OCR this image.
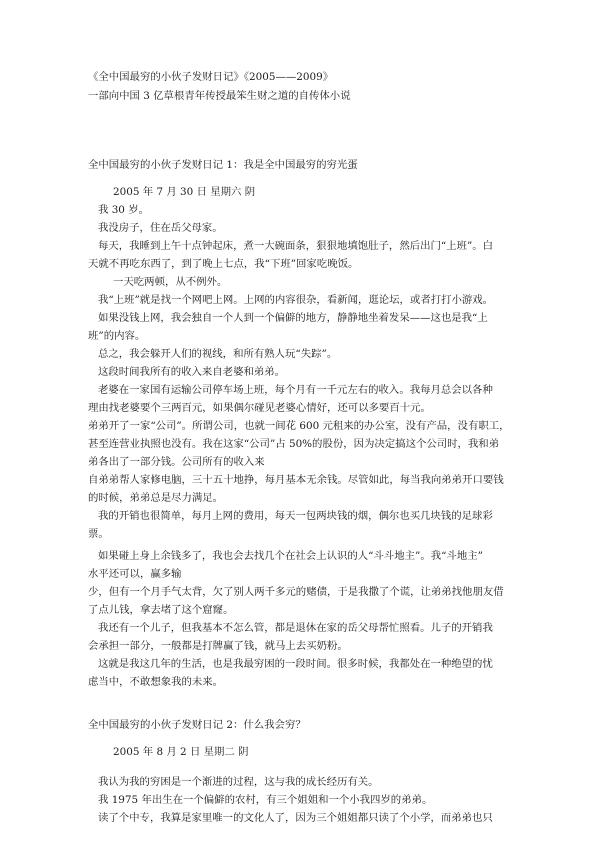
《全中国最穷的小伙子发财日记》《2005——2009》
一部向中国 3 亿草根青年传授最笨生财之道的自传体小说
全中国最穷的小伙子发财日记 1：我是全中国最穷的穷光蛋
2005 年 7 月 30 日 星期六 阴
我 30 岁。
我没房子，住在岳父母家。
每天，我睡到上午十点钟起床，煮一大碗面条，狠狠地填饱肚子，然后出门“上班”。白
天就不再吃东西了，到了晚上七点，我“下班”回家吃晚饭。
一天吃两顿，从不例外。
我“上班”就是找一个网吧上网。上网的内容很杂，看新闻，逛论坛，或者打打小游戏。
如果没钱上网，我会独自一个人到一个偏僻的地方，静静地坐着发呆——这也是我“上
班”的内容。
总之，我会躲开人们的视线，和所有熟人玩“失踪”。
这段时间我所有的收入来自老婆和弟弟。
老婆在一家国有运输公司停车场上班，每个月有一千元左右的收入。我每月总会以各种
理由找老婆要个三两百元，如果偶尔碰见老婆心情好，还可以多要百十元。
弟弟开了一家“公司”。所谓公司，也就一间花 600 元租来的办公室，没有产品，没有职工，
甚至连营业执照也没有。我在这家“公司”占 50%的股份，因为决定搞这个公司时，我和弟
弟各出了一部分钱。公司所有的收入来
自弟弟帮人家修电脑，三十五十地挣，每月基本无余钱。尽管如此，每当我向弟弟开口要钱
的时候，弟弟总是尽力满足。
我的开销也很简单，每月上网的费用，每天一包两块钱的烟，偶尔也买几块钱的足球彩
票。
如果碰上身上余钱多了，我也会去找几个在社会上认识的人“斗斗地主”。我“斗地主”
水平还可以，赢多输
少，但有一个月手气太背，欠了别人两千多元的赌债，于是我撒了个谎，让弟弟找他朋友借
了点儿钱，拿去堵了这个窟窿。
我还有一个儿子，但我基本不怎么管，都是退休在家的岳父母帮忙照看。儿子的开销我
会承担一部分，一般都是打牌赢了钱，就马上去买奶粉。
这就是我这几年的生活，也是我最穷困的一段时间。很多时候，我都处在一种绝望的忧
虑当中，不敢想象我的未来。
全中国最穷的小伙子发财日记 2：什么我会穷？
2005 年 8 月 2 日 星期二 阴
我认为我的穷困是一个渐进的过程，这与我的成长经历有关。
我 1975 年出生在一个偏僻的农村，有三个姐姐和一个小我四岁的弟弟。
读了个中专，我算是家里唯一的文化人了，因为三个姐姐都只读了个小学，而弟弟也只
